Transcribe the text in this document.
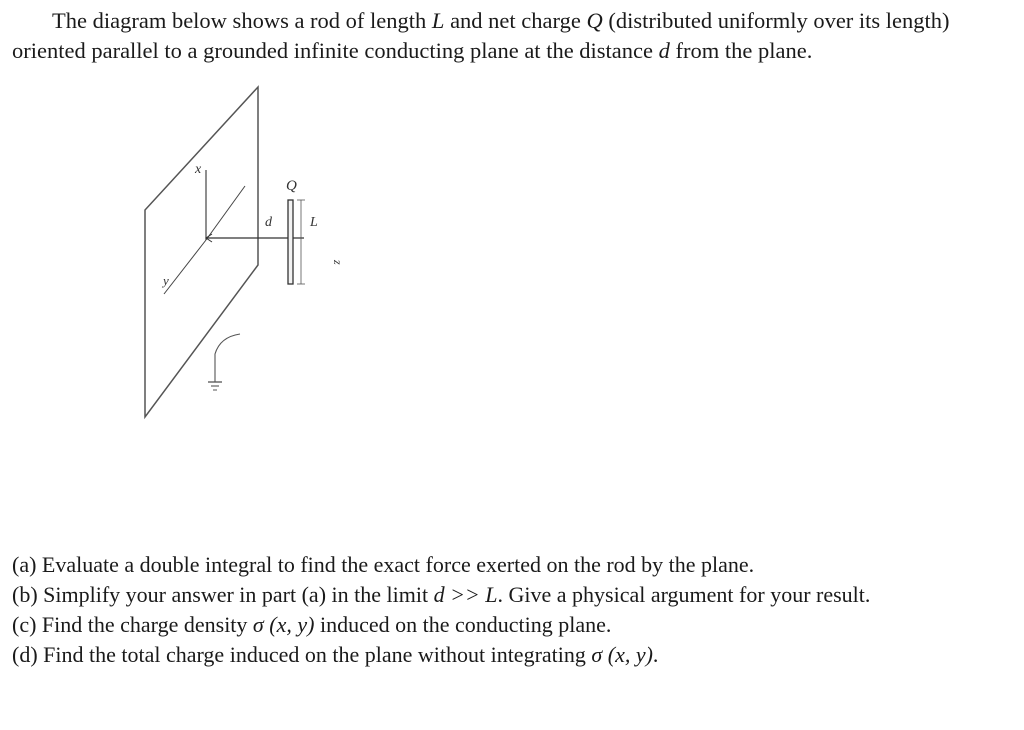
The diagram below shows a rod of length L and net charge Q (distributed uniformly over its length) oriented parallel to a grounded infinite conducting plane at the distance d from the plane.

x
y
z
Q
d	L

(a) Evaluate a double integral to find the exact force exerted on the rod by the plane.

(b) Simplify your answer in part (a) in the limit d >> L. Give a physical argument for your result.

(c) Find the charge density σ (x, y) induced on the conducting plane.

(d) Find the total charge induced on the plane without integrating σ (x, y).
